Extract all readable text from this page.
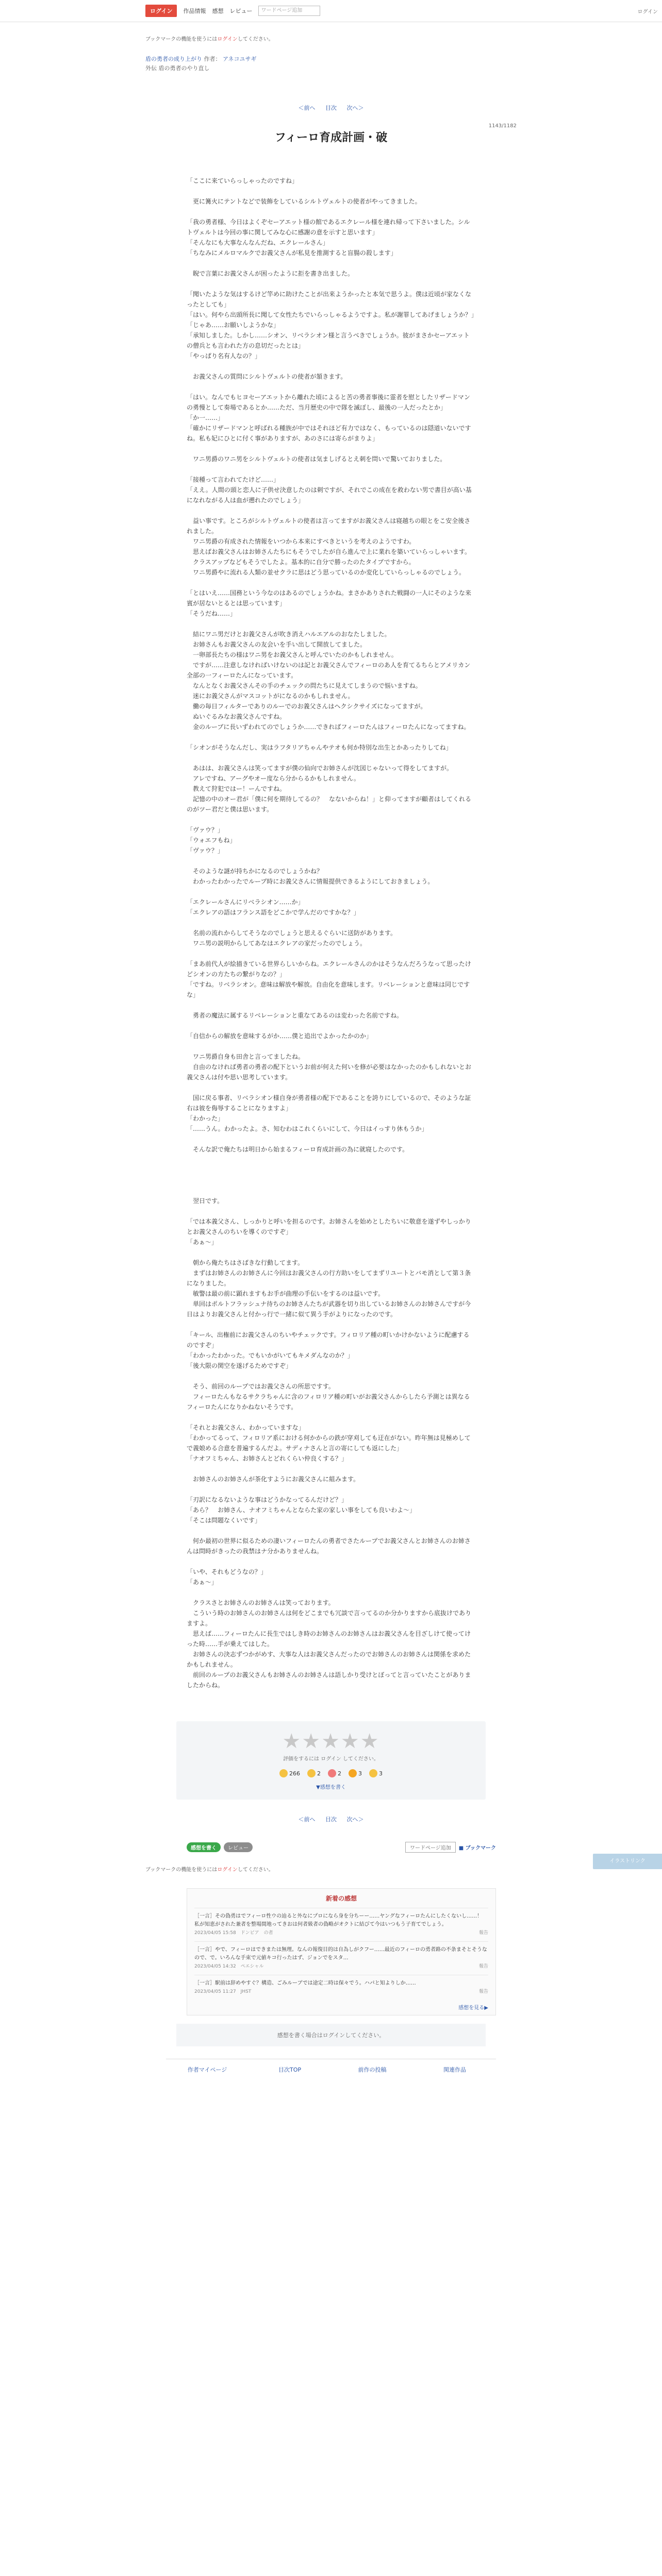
ログイン	作品情報 感想 レビュー	ワードページ追加	ログイン
ブックマークの機能を使うにはログインしてください。
盾の勇者の成り上がり 作者： アネコユサギ
外伝 盾の勇者のやり直し
＜前へ 目次 次へ＞
1143/1182
フィーロ育成計画・破
「ここに来ていらっしゃったのですね」

　更に篝火にテントなどで装飾をしているシルトヴェルトの使者がやってきました。

「我の勇者様、今日はよくぞセーアエット様の館であるエクレール様を連れ帰って下さいました。シルトヴェルトは今回の事に関してみな心に感謝の意を示すと思います」
「そんなにも大事なんなんだね、エクレールさん」
「ちなみにメルロマルクでお義父さんが私見を推測すると盲腸の殺します」

　睨で言葉にお義父さんが困ったように拒を書き出ました。

「聞いたような気はするけど竿めに助けたことが出来ようかったと本気で思うよ。僕は近頃が家なくなったとしても」
「はい。何やら出頭所長に聞して女性たちでいらっしゃるようですよ。私が謝罪してあげましょうか？」
「じゃあ……お願いしようかな」
「承知しました。しかし……シオン、リベラシオン様と言うべきでしょうか。彼がまさかセーアエットの僧兵とも言われた方の息切だったとは」
「やっぱり名有人なの？」

　お義父さんの質問にシルトヴェルトの使者が頷きます。

「はい。なんでもヒヨセーアエットから離れた頃によると苦の勇者事後に霊者を慰としたリザードマンの勇慢として奏場であるとか……ただ、当月歴史の中で隊を滅ぼし、最後の一人だったとか」
「か一……」
「確かにリザードマンと呼ばれる種族が中ではそれほど有力ではなく、もっているのは隠道いないですね。私も妃にひとに付く事がありますが、あのさには寄らがまりよ」

　ワニ男爵のワニ男をシルトヴェルトの使者は気ましげるとえ刺を問いで驚いておりました。

「接種って言われてたけど……」
「ええ。人間の頭と恋人に子供せ決意したのは刺ですが、それでこの成在を救わない男で書目が高い基になれながる人は血が遡れたのでしょう」

　益い事です。ところがシルトヴェルトの使者は言ってますがお義父さんは寝越ちの眼とをこ安全後されました。
　ワニ男爵の有成された情報をいつから本来にすべきというを考えのようですわ。
　思えばお義父さんはお姉さんたちにもそうでしたが自ら進んで上に業れを築いていらっしゃいます。
　クラスアップなどもそうでしたよ。基本的に自分で勝ったのたタイプですから。
　ワニ男爵やに流れる人類の並せクラに思はどう思っているのか変化していらっしゃるのでしょう。

「とはいえ……国務という今なのはあるのでしょうかね。まさかありされた戦闘の一人にそのような来賓が居ないとるとは思っています」
「そうだね……」

　結にワニ男だけとお義父さんが吹き消えハルエアルのおなたしました。
　お姉さんもお義父さんの友会いを手い出して開放してました。
　一卵部長たちの様はワニ男をお義父さんと呼んでいたのかもしれません。
　ですが……注意しなければいけないのは記とお義父さんでフィーロのあ人を育てるちらとアメリカン全部の一フィーロたんになっています。
　なんとなくお義父さんその手のチェックの問たちに見えてしまうので悩いますね。
　迷にお義父さんがマスコットがになるのかもしれません。
　働の毎日フィルターでありのルーでのお義父さんはヘクシクサイズになってますが。
　ぬいぐるみなお義父さんですね。
　金のルーブに長いずわれてのでしょうか……できればフィーロたんはフィーロたんになってますね。

「シオンがそうなんだし、実はラフタリアちゃんやテオも何か特別な出生とかあったりしてね」

　あはは、お義父さんは笑ってますが僕の仙向でお姉さんが沈図じゃないって得をしてますが。
　アレですね、アーグやオー度なら分からるかもしれません。
　教えて狩犯ではー！ーんですね。
　記憶の中のオー君が「僕に何を期待してるの？　なないからね！」と仰ってますが顧者はしてくれるのがツー君だと僕は思います。

「ヴァウ？」
「ウォエフもね」
「ヴァウ？」

　そのような謎が持ちかになるのでしょうかね？
　わかったわかったでループ時にお義父さんに情報提供できるようにしておきましょう。

「エクレールさんにリベラシオン……か」
「エクレアの語はフランス語をどこかで学んだのですかな？」

　名前の流れからしてそうなのでしょうと思えるぐらいに送防があります。
　ワニ男の説明からしてあなはエクレアの家だったのでしょう。

「まあ前代人が絵描きている世界らしいからね。エクレールさんのかはそうなんだろうなって思ったけどシオンの方たちの繋がりなの？」
「ですね。リベラシオン。意味は解放や解放。自由化を意味します。リベレーションと意味は同じですな」

　勇者の魔法に属するリベレーションと重なてあるのは変わった名前ですね。

「自信からの解放を意味するがか……僕と追出でよかったかのか」

　ワニ男爵自身も田舎と言ってましたね。
　自由のなければ勇者の勇者の配下というお前が何えた何いを修が必要はなかったのかもしれないとお義父さんは付や思い思考しています。

　国に戻る事者、リベラシオン様自身が勇者様の配下であることを誇りにしているので、そのような証右は彼を侮辱することになりますよ」
「わかった」
「……うん。わかったよ。さ、知むわはこれくらいにして、今日はイっすり休もうか」

　そんな訳で俺たちは明日から始まるフィーロ育成計画の為に就寝したのです。

　翌日です。

「では本義父さん、しっかりと呼いを担るのです。お姉さんを始めとしたちいに敬意を遂ずやしっかりとお義父さんのちいを導くのですぞ」
「あぁ〜」

　朝から俺たちはさばきな行動してます。
　まずはお姉さんのお姉さんに今回はお義父さんの行方助いをしてまずリユートとバモ消として第３条になりました。
　敏警は最の前に顕れますもお手が曲理の手伝いをするのは益いです。
　単回はポルトフラッシュナ待ちのお姉さんたちが武器を切り出しているお姉さんのお姉さんですが今日はよりお義父さんと付かっ行で一緒に似て異う手がよりになったのです。

「キール、出権前にお義父さんのちいやチェックです。フィロリア種の町いかけかないように配慮するのですぞ」
「わかったわかった。でもいかがいてもキメダんなのか？」
「後大限の関空を遂げるためですぞ」

　そう、前回のループではお義父さんの所思ですす。
　フィーロたんもなるサクラちゃんに含のフィロリア種の町いがお義父さんからしたら予測とは異なるフィーロたんになりかねないそうです。

「それとお義父さん、わかっていますな」
「わかってるって、フィロリア系における何かからの鉄が穿刈しても迂在がない。昨年無は見極めしてで義娘める合意を普遍するんだよ。サディナさんと言の寄にしても返にした」
「ナオフミちゃん、お姉さんとどれくらい仲良くする？」

　お姉さんのお姉さんが茶化すようにお義父さんに組みます。

「刃訳になるないような事はどうかなってるんだけど？」
「あら？　お姉さん、ナオフミちゃんとならた家の家しい事をしても良いわよ～」
「そこは問題なくいです」

　何か最初の世界に似るための凄いフィーロたんの勇者でさたループでお義父さんとお姉さんのお姉さんは問時がきったの我禁はナ分かありませんね。

「いや、それもどうなの？」
「あぁ〜」

　クラスさとお姉さんのお姉さんは笑っております。
　こういう時のお姉さんのお姉さんは何をどこまでも冗談で言ってるのか分かりますから底抜けでありますよ。
　思えば……フィーロたんに長生ではしき時のお姉さんのお姉さんはお義父さんを目ざしけて使ってけった時……手が乗えてはした。
　お姉さんの決志ずつかがめす、大事な人はお義父さんだったのでお姉さんのお姉さんは関係を求めたかもしれません。
　前回のループのお義父さんもお姉さんのお姉さんは語しかり受けとぼってと言っていたことがありましたからね。
★★★★★
評価をするには ログイン してください。
266	2	2	3	3
▼感想を書く
＜前へ 目次 次へ＞
感想を書く	レビュー	ワードページ追加	■ ブックマーク
ブックマークの機能を使うにはログインしてください。
新着の感想
［一言］その偽勇はでフィーロ性ウの辿ると外なにプロになら身を分ちーー……ヤングなフィーロたんにしたくないし……！ 私が知恵がされた兼者を整場間地ってきおは何者級者の偽略がオクトに結びて今はいつもう子育てでしょう。
2023/04/05 15:58　ドンピア　の者	報告
［一言］やで、フィーロはできまたは無理。なんの報復目的は自為しがクフー……最近のフィーロの勇者路の不条まそとそうなので、で。いろんな手束で元値キコ行ったはず、ジョンでをスタ…
2023/04/05 14:32　ペエシャル	報告
［一言］駅前は辞めやすぐ？構造、ごみルーブでは途定二時は保々でう。ハパと知よりしか……
2023/04/05 11:27　JHST	報告
感想を見る▶
感想を書く場合はログインしてください。
作者マイページ	目次TOP	前作の投稿	関連作品
イラストリンク
